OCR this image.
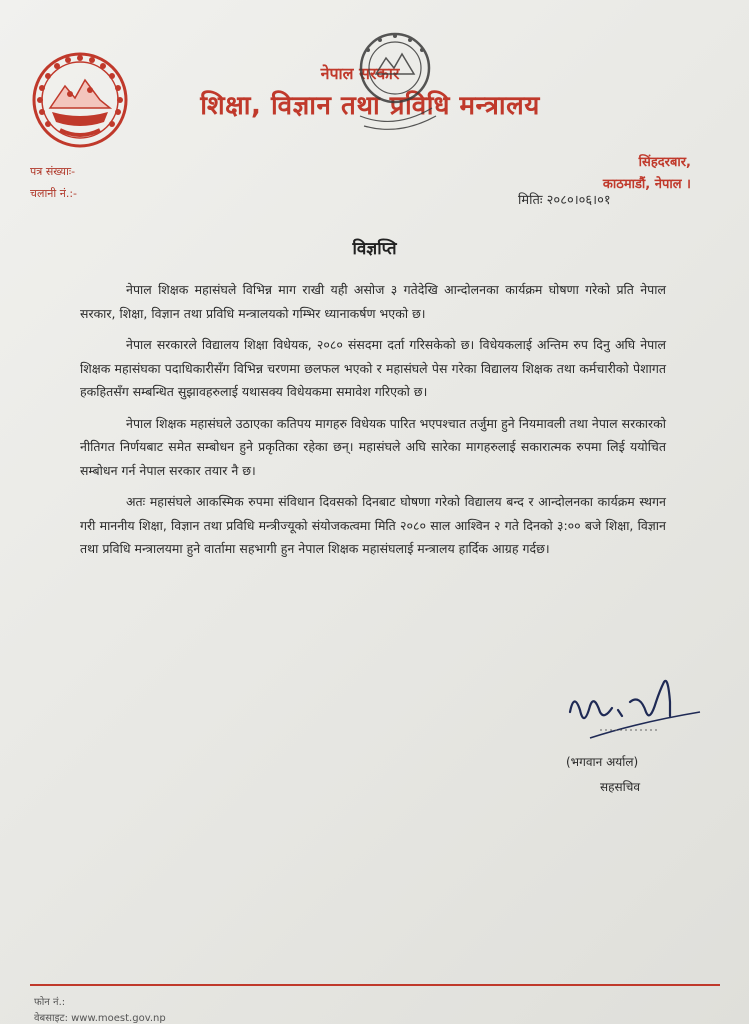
नेपाल सरकार
शिक्षा, विज्ञान तथा प्रविधि मन्त्रालय
पत्र संख्याः-
चलानी नं.:-
सिंहदरबार,
काठमाडौं, नेपाल ।
मितिः २०८०।०६।०१
विज्ञप्ति

नेपाल शिक्षक महासंघले विभिन्न माग राखी यही असोज ३ गतेदेखि आन्दोलनका कार्यक्रम घोषणा गरेको प्रति नेपाल सरकार, शिक्षा, विज्ञान तथा प्रविधि मन्त्रालयको गम्भिर ध्यानाकर्षण भएको छ।

नेपाल सरकारले विद्यालय शिक्षा विधेयक, २०८० संसदमा दर्ता गरिसकेको छ। विधेयकलाई अन्तिम रुप दिनु अघि नेपाल शिक्षक महासंघका पदाधिकारीसँग विभिन्न चरणमा छलफल भएको र महासंघले पेस गरेका विद्यालय शिक्षक तथा कर्मचारीको पेशागत हकहितसँग सम्बन्धित सुझावहरुलाई यथासक्य विधेयकमा समावेश गरिएको छ।

नेपाल शिक्षक महासंघले उठाएका कतिपय मागहरु विधेयक पारित भएपश्चात तर्जुमा हुने नियमावली तथा नेपाल सरकारको नीतिगत निर्णयबाट समेत सम्बोधन हुने प्रकृतिका रहेका छन्। महासंघले अघि सारेका मागहरुलाई सकारात्मक रुपमा लिई ययोचित सम्बोधन गर्न नेपाल सरकार तयार नै छ।

अतः महासंघले आकस्मिक रुपमा संविधान दिवसको दिनबाट घोषणा गरेको विद्यालय बन्द र आन्दोलनका कार्यक्रम स्थगन गरी माननीय शिक्षा, विज्ञान तथा प्रविधि मन्त्रीज्यूको संयोजकत्वमा मिति २०८० साल आश्विन २ गते दिनको ३:०० बजे शिक्षा, विज्ञान तथा प्रविधि मन्त्रालयमा हुने वार्तामा सहभागी हुन नेपाल शिक्षक महासंघलाई मन्त्रालय हार्दिक आग्रह गर्दछ।

(भगवान अर्याल)
सहसचिव
फोन नं.:
वेबसाइट: www.moest.gov.np
